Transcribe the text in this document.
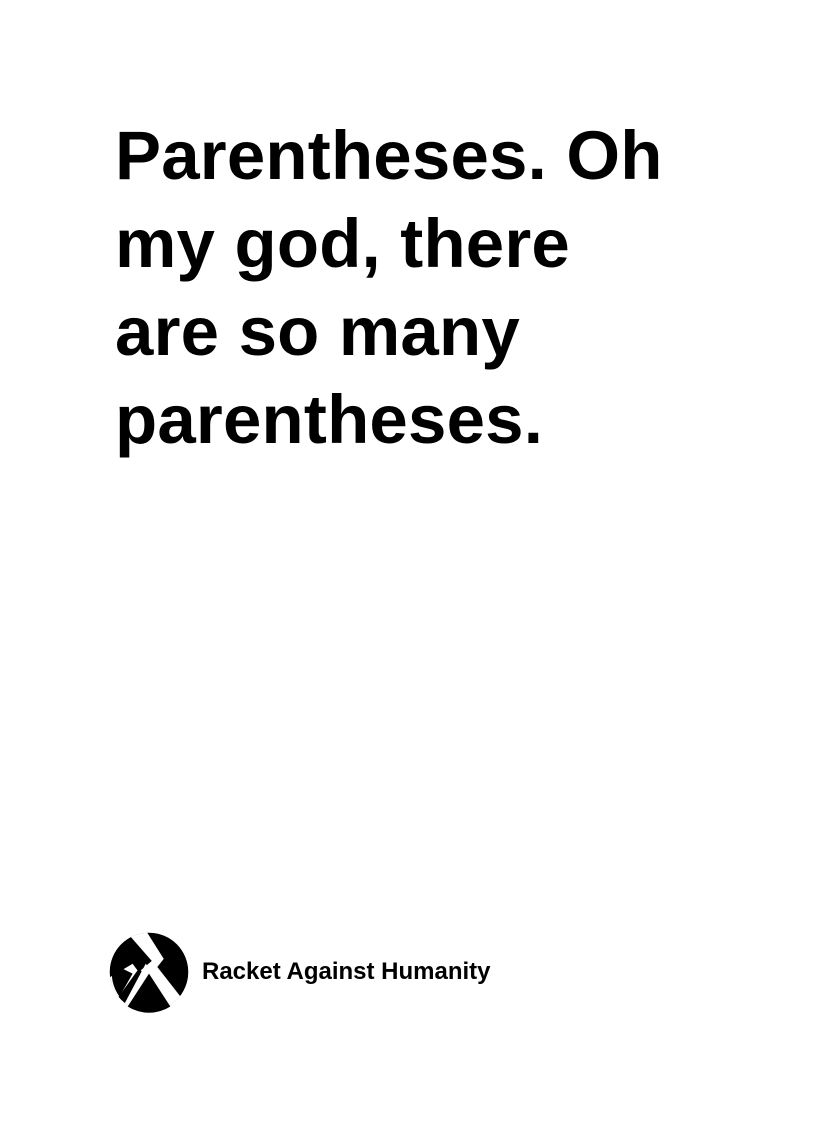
Parentheses. Oh
my god, there
are so many
parentheses.
Racket Against Humanity
